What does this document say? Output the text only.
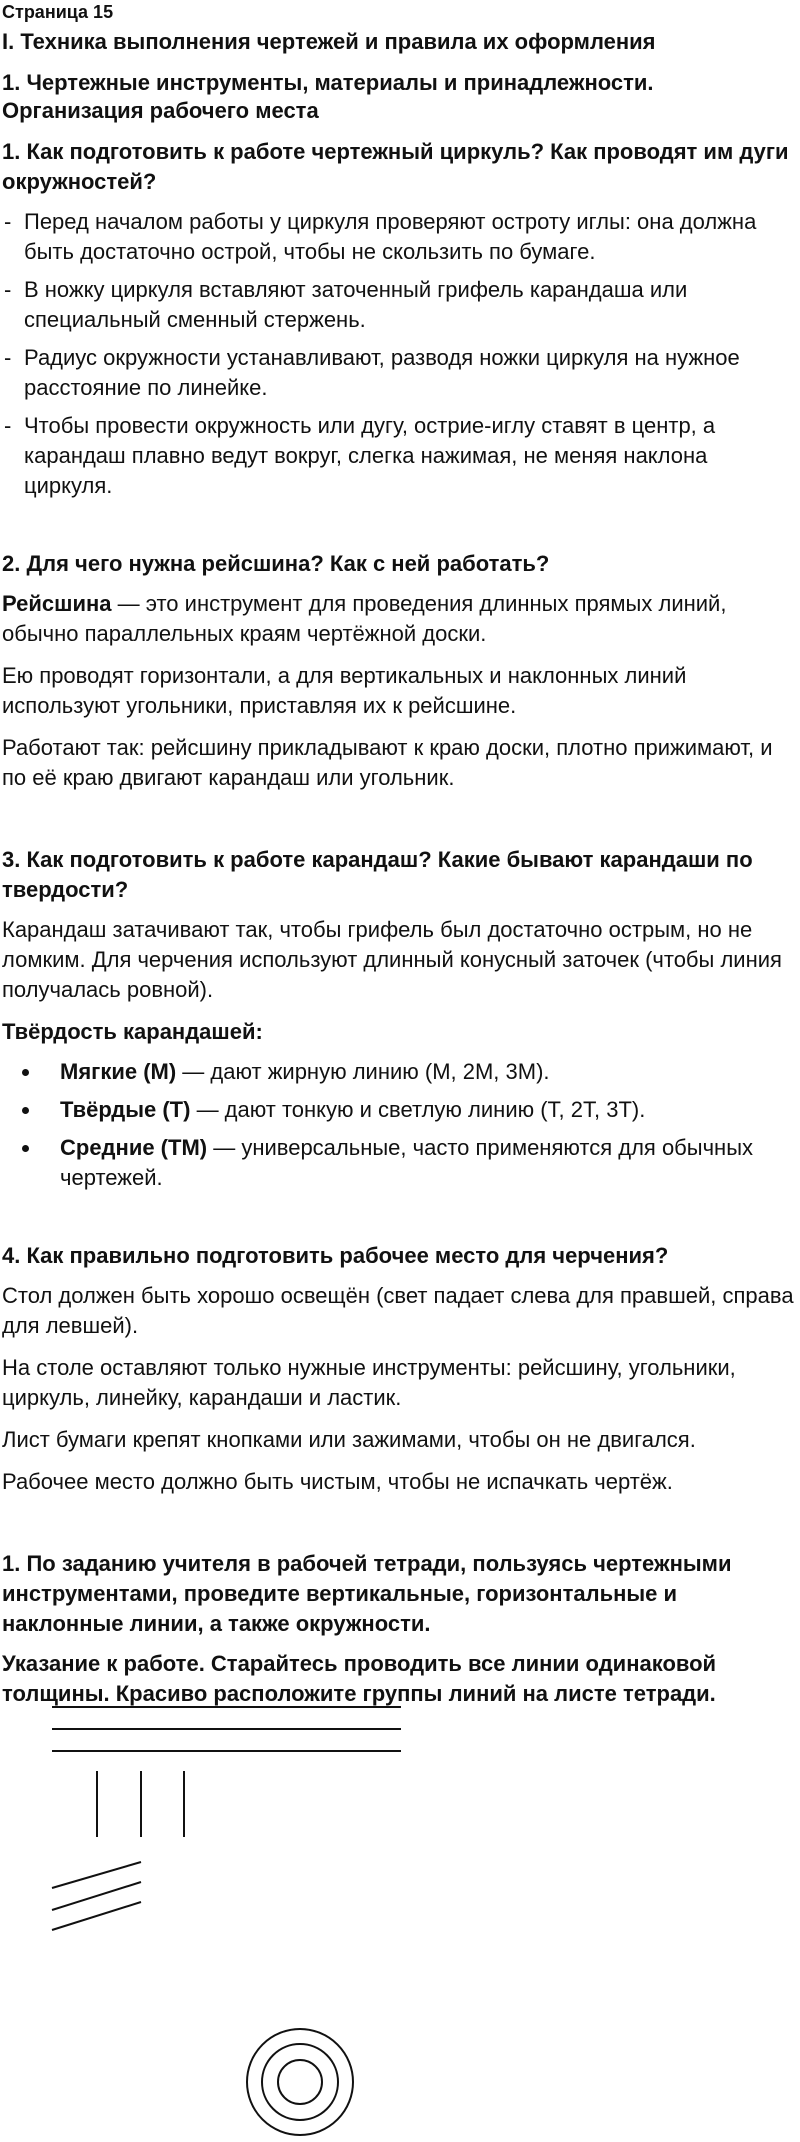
Страница 15
I. Техника выполнения чертежей и правила их оформления
1. Чертежные инструменты, материалы и принадлежности. Организация рабочего места
1. Как подготовить к работе чертежный циркуль? Как проводят им дуги окружностей?
- Перед началом работы у циркуля проверяют остроту иглы: она должна быть достаточно острой, чтобы не скользить по бумаге.
- В ножку циркуля вставляют заточенный грифель карандаша или специальный сменный стержень.
- Радиус окружности устанавливают, разводя ножки циркуля на нужное расстояние по линейке.
- Чтобы провести окружность или дугу, острие-иглу ставят в центр, а карандаш плавно ведут вокруг, слегка нажимая, не меняя наклона циркуля.
2. Для чего нужна рейсшина? Как с ней работать?
Рейсшина — это инструмент для проведения длинных прямых линий, обычно параллельных краям чертёжной доски.
Ею проводят горизонтали, а для вертикальных и наклонных линий используют угольники, приставляя их к рейсшине.
Работают так: рейсшину прикладывают к краю доски, плотно прижимают, и по её краю двигают карандаш или угольник.
3. Как подготовить к работе карандаш? Какие бывают карандаши по твердости?
Карандаш затачивают так, чтобы грифель был достаточно острым, но не ломким. Для черчения используют длинный конусный заточек (чтобы линия получалась ровной).
Твёрдость карандашей:
Мягкие (М) — дают жирную линию (М, 2М, 3М).
Твёрдые (Т) — дают тонкую и светлую линию (Т, 2Т, 3Т).
Средние (ТМ) — универсальные, часто применяются для обычных чертежей.
4. Как правильно подготовить рабочее место для черчения?
Стол должен быть хорошо освещён (свет падает слева для правшей, справа для левшей).
На столе оставляют только нужные инструменты: рейсшину, угольники, циркуль, линейку, карандаши и ластик.
Лист бумаги крепят кнопками или зажимами, чтобы он не двигался.
Рабочее место должно быть чистым, чтобы не испачкать чертёж.
1. По заданию учителя в рабочей тетради, пользуясь чертежными инструментами, проведите вертикальные, горизонтальные и наклонные линии, а также окружности.
Указание к работе. Старайтесь проводить все линии одинаковой толщины. Красиво расположите группы линий на листе тетради.
